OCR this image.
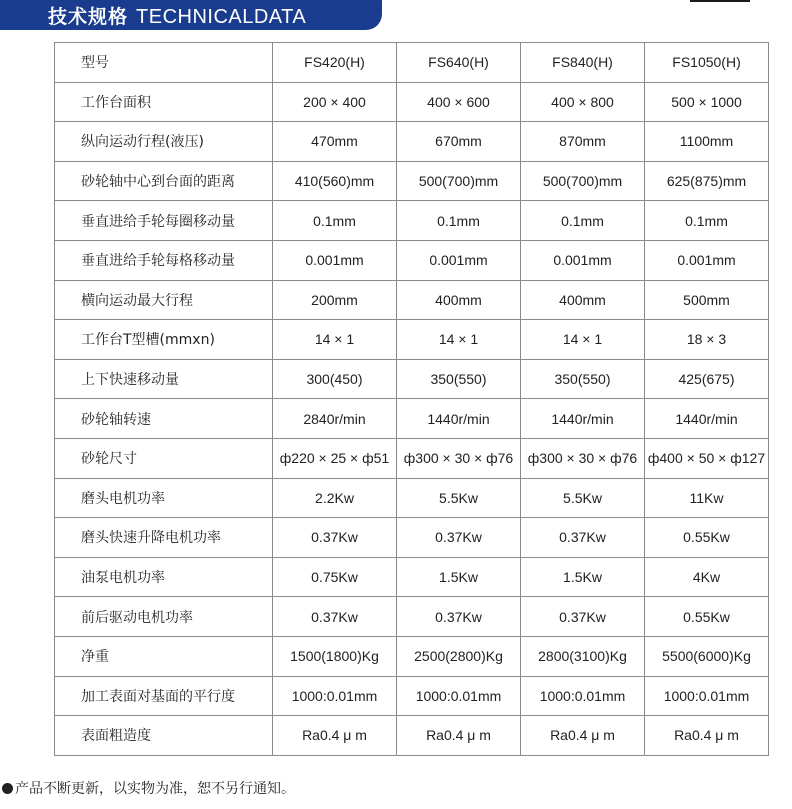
技术规格 TECHNICALDATA
型号	FS420(H)	FS640(H)	FS840(H)	FS1050(H)
工作台面积	200 × 400	400 × 600	400 × 800	500 × 1000
纵向运动行程(液压)	470mm	670mm	870mm	1100mm
砂轮轴中心到台面的距离	410(560)mm	500(700)mm	500(700)mm	625(875)mm
垂直进给手轮每圈移动量	0.1mm	0.1mm	0.1mm	0.1mm
垂直进给手轮每格移动量	0.001mm	0.001mm	0.001mm	0.001mm
横向运动最大行程	200mm	400mm	400mm	500mm
工作台T型槽(mmxn)	14 × 1	14 × 1	14 × 1	18 × 3
上下快速移动量	300(450)	350(550)	350(550)	425(675)
砂轮轴转速	2840r/min	1440r/min	1440r/min	1440r/min
砂轮尺寸	ф220 × 25 × ф51	ф300 × 30 × ф76	ф300 × 30 × ф76	ф400 × 50 × ф127
磨头电机功率	2.2Kw	5.5Kw	5.5Kw	11Kw
磨头快速升降电机功率	0.37Kw	0.37Kw	0.37Kw	0.55Kw
油泵电机功率	0.75Kw	1.5Kw	1.5Kw	4Kw
前后驱动电机功率	0.37Kw	0.37Kw	0.37Kw	0.55Kw
净重	1500(1800)Kg	2500(2800)Kg	2800(3100)Kg	5500(6000)Kg
加工表面对基面的平行度	1000:0.01mm	1000:0.01mm	1000:0.01mm	1000:0.01mm
表面粗造度	Ra0.4 μ m	Ra0.4 μ m	Ra0.4 μ m	Ra0.4 μ m
产品不断更新，以实物为准，恕不另行通知。
